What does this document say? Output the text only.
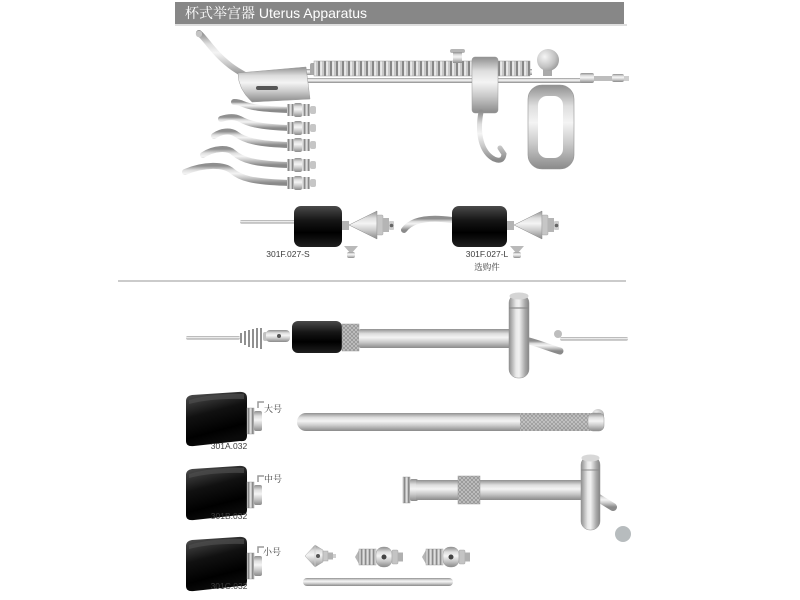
杯式举宫器 Uterus Apparatus
301F.027-S	301F.027-L
选购件
大号
301A.032
中号
301B.032
小号
301C.032
